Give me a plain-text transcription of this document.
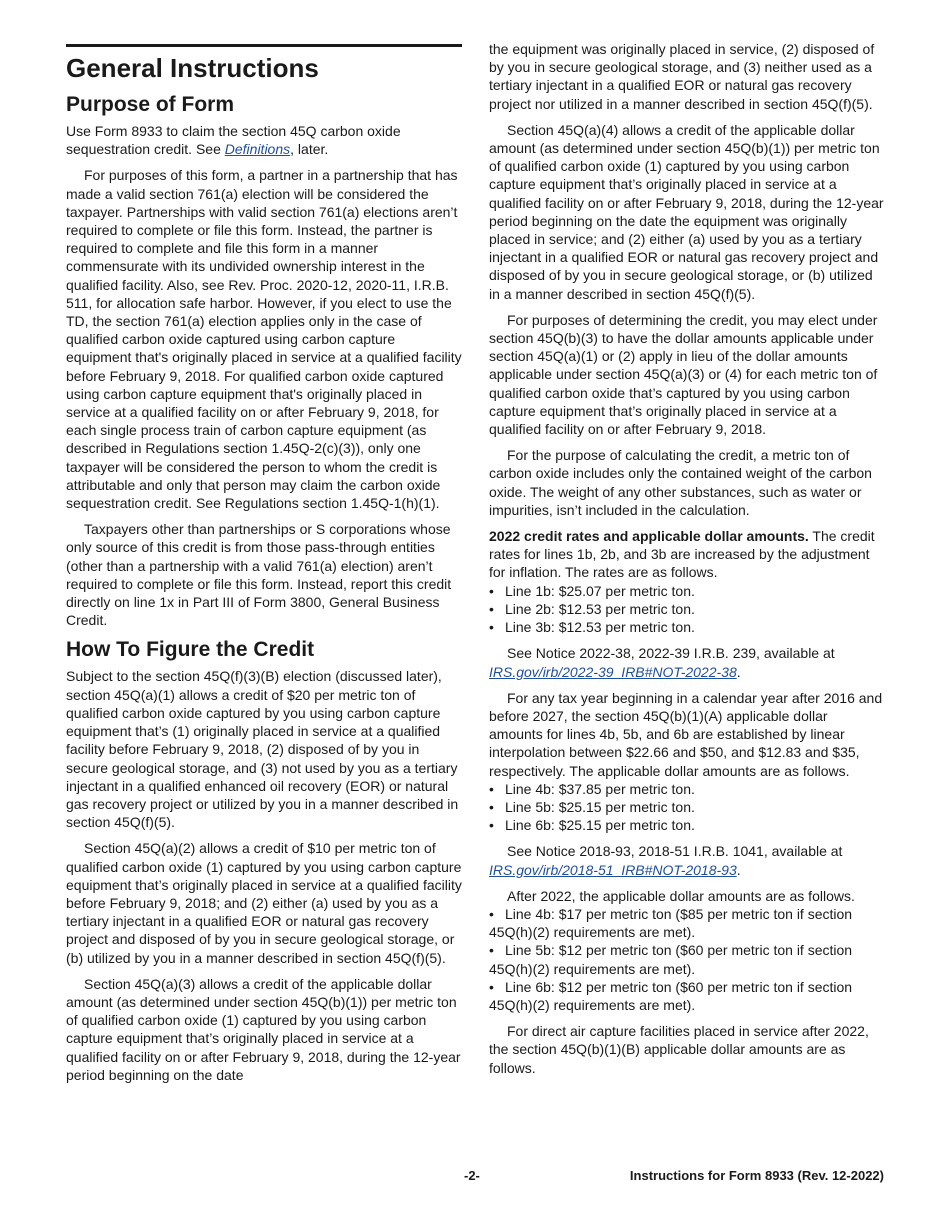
General Instructions
Purpose of Form

Use Form 8933 to claim the section 45Q carbon oxide sequestration credit. See Definitions, later.

For purposes of this form, a partner in a partnership that has made a valid section 761(a) election will be considered the taxpayer. Partnerships with valid section 761(a) elections aren’t required to complete or file this form. Instead, the partner is required to complete and file this form in a manner commensurate with its undivided ownership interest in the qualified facility. Also, see Rev. Proc. 2020-12, 2020-11, I.R.B. 511, for allocation safe harbor. However, if you elect to use the TD, the section 761(a) election applies only in the case of qualified carbon oxide captured using carbon capture equipment that's originally placed in service at a qualified facility before February 9, 2018. For qualified carbon oxide captured using carbon capture equipment that's originally placed in service at a qualified facility on or after February 9, 2018, for each single process train of carbon capture equipment (as described in Regulations section 1.45Q-2(c)(3)), only one taxpayer will be considered the person to whom the credit is attributable and only that person may claim the carbon oxide sequestration credit. See Regulations section 1.45Q-1(h)(1).

Taxpayers other than partnerships or S corporations whose only source of this credit is from those pass-through entities (other than a partnership with a valid 761(a) election) aren’t required to complete or file this form. Instead, report this credit directly on line 1x in Part III of Form 3800, General Business Credit.

How To Figure the Credit

Subject to the section 45Q(f)(3)(B) election (discussed later), section 45Q(a)(1) allows a credit of $20 per metric ton of qualified carbon oxide captured by you using carbon capture equipment that’s (1) originally placed in service at a qualified facility before February 9, 2018, (2) disposed of by you in secure geological storage, and (3) not used by you as a tertiary injectant in a qualified enhanced oil recovery (EOR) or natural gas recovery project or utilized by you in a manner described in section 45Q(f)(5).

Section 45Q(a)(2) allows a credit of $10 per metric ton of qualified carbon oxide (1) captured by you using carbon capture equipment that’s originally placed in service at a qualified facility before February 9, 2018; and (2) either (a) used by you as a tertiary injectant in a qualified EOR or natural gas recovery project and disposed of by you in secure geological storage, or (b) utilized by you in a manner described in section 45Q(f)(5).

Section 45Q(a)(3) allows a credit of the applicable dollar amount (as determined under section 45Q(b)(1)) per metric ton of qualified carbon oxide (1) captured by you using carbon capture equipment that’s originally placed in service at a qualified facility on or after February 9, 2018, during the 12-year period beginning on the date

the equipment was originally placed in service, (2) disposed of by you in secure geological storage, and (3) neither used as a tertiary injectant in a qualified EOR or natural gas recovery project nor utilized in a manner described in section 45Q(f)(5).

Section 45Q(a)(4) allows a credit of the applicable dollar amount (as determined under section 45Q(b)(1)) per metric ton of qualified carbon oxide (1) captured by you using carbon capture equipment that’s originally placed in service at a qualified facility on or after February 9, 2018, during the 12-year period beginning on the date the equipment was originally placed in service; and (2) either (a) used by you as a tertiary injectant in a qualified EOR or natural gas recovery project and disposed of by you in secure geological storage, or (b) utilized in a manner described in section 45Q(f)(5).

For purposes of determining the credit, you may elect under section 45Q(b)(3) to have the dollar amounts applicable under section 45Q(a)(1) or (2) apply in lieu of the dollar amounts applicable under section 45Q(a)(3) or (4) for each metric ton of qualified carbon oxide that’s captured by you using carbon capture equipment that’s originally placed in service at a qualified facility on or after February 9, 2018.

For the purpose of calculating the credit, a metric ton of carbon oxide includes only the contained weight of the carbon oxide. The weight of any other substances, such as water or impurities, isn’t included in the calculation.

2022 credit rates and applicable dollar amounts. The credit rates for lines 1b, 2b, and 3b are increased by the adjustment for inflation. The rates are as follows.

• Line 1b: $25.07 per metric ton.
• Line 2b: $12.53 per metric ton.
• Line 3b: $12.53 per metric ton.

See Notice 2022-38, 2022-39 I.R.B. 239, available at IRS.gov/irb/2022-39_IRB#NOT-2022-38.

For any tax year beginning in a calendar year after 2016 and before 2027, the section 45Q(b)(1)(A) applicable dollar amounts for lines 4b, 5b, and 6b are established by linear interpolation between $22.66 and $50, and $12.83 and $35, respectively. The applicable dollar amounts are as follows.

• Line 4b: $37.85 per metric ton.
• Line 5b: $25.15 per metric ton.
• Line 6b: $25.15 per metric ton.

See Notice 2018-93, 2018-51 I.R.B. 1041, available at IRS.gov/irb/2018-51_IRB#NOT-2018-93.

After 2022, the applicable dollar amounts are as follows.

• Line 4b: $17 per metric ton ($85 per metric ton if section 45Q(h)(2) requirements are met).
• Line 5b: $12 per metric ton ($60 per metric ton if section 45Q(h)(2) requirements are met).
• Line 6b: $12 per metric ton ($60 per metric ton if section 45Q(h)(2) requirements are met).

For direct air capture facilities placed in service after 2022, the section 45Q(b)(1)(B) applicable dollar amounts are as follows.

-2-	Instructions for Form 8933 (Rev. 12-2022)
